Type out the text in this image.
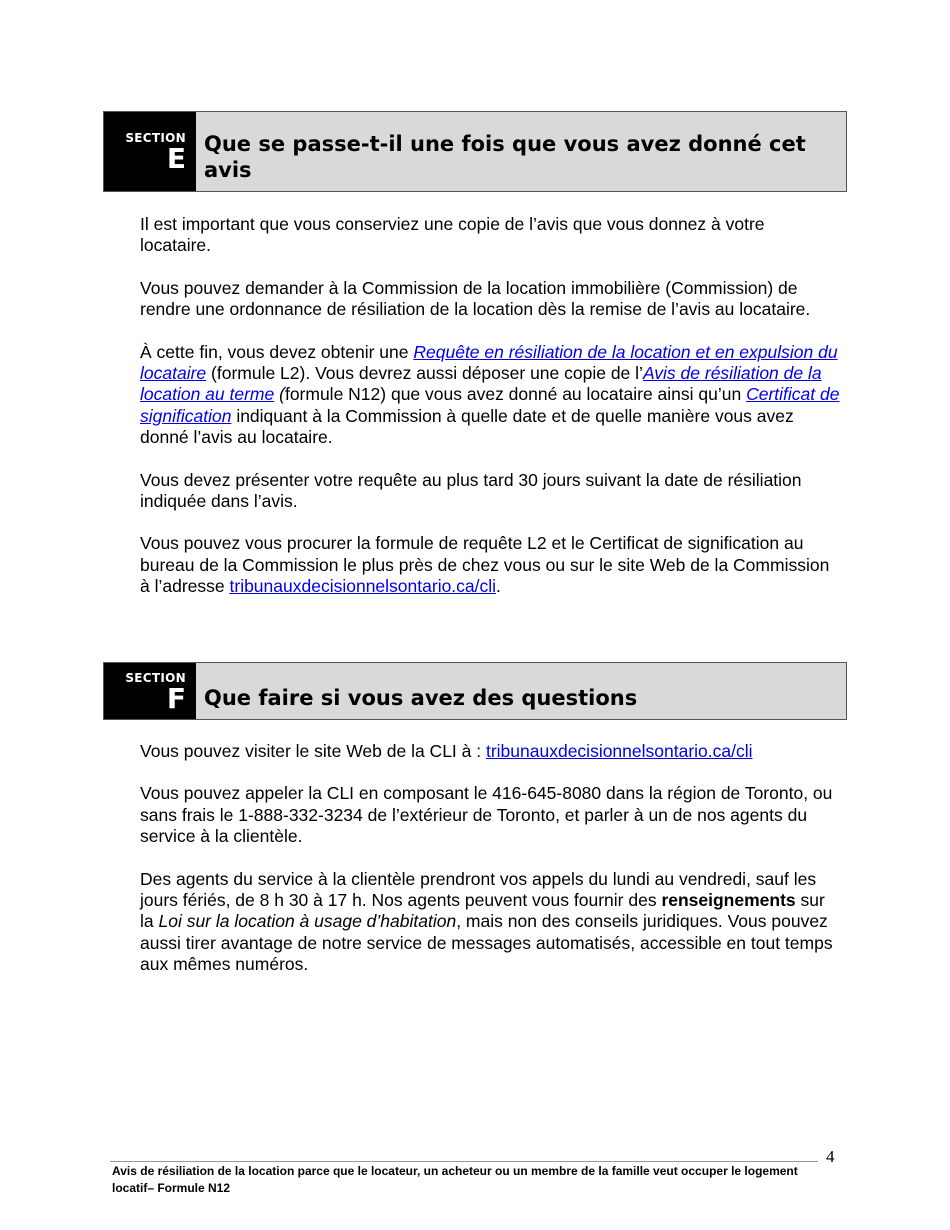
SECTION
E Que se passe-t-il une fois que vous avez donné cet avis

Il est important que vous conserviez une copie de l’avis que vous donnez à votre locataire.

Vous pouvez demander à la Commission de la location immobilière (Commission) de rendre une ordonnance de résiliation de la location dès la remise de l’avis au locataire.

À cette fin, vous devez obtenir une Requête en résiliation de la location et en expulsion du locataire (formule L2). Vous devrez aussi déposer une copie de l’Avis de résiliation de la location au terme (formule N12) que vous avez donné au locataire ainsi qu’un Certificat de signification indiquant à la Commission à quelle date et de quelle manière vous avez donné l’avis au locataire.

Vous devez présenter votre requête au plus tard 30 jours suivant la date de résiliation indiquée dans l’avis.

Vous pouvez vous procurer la formule de requête L2 et le Certificat de signification au bureau de la Commission le plus près de chez vous ou sur le site Web de la Commission à l’adresse tribunauxdecisionnelsontario.ca/cli.

SECTION
F Que faire si vous avez des questions

Vous pouvez visiter le site Web de la CLI à : tribunauxdecisionnelsontario.ca/cli

Vous pouvez appeler la CLI en composant le 416-645-8080 dans la région de Toronto, ou sans frais le 1-888-332-3234 de l’extérieur de Toronto, et parler à un de nos agents du service à la clientèle.

Des agents du service à la clientèle prendront vos appels du lundi au vendredi, sauf les jours fériés, de 8 h 30 à 17 h. Nos agents peuvent vous fournir des renseignements sur la Loi sur la location à usage d’habitation, mais non des conseils juridiques. Vous pouvez aussi tirer avantage de notre service de messages automatisés, accessible en tout temps aux mêmes numéros.

4
Avis de résiliation de la location parce que le locateur, un acheteur ou un membre de la famille veut occuper le logement locatif– Formule N12
